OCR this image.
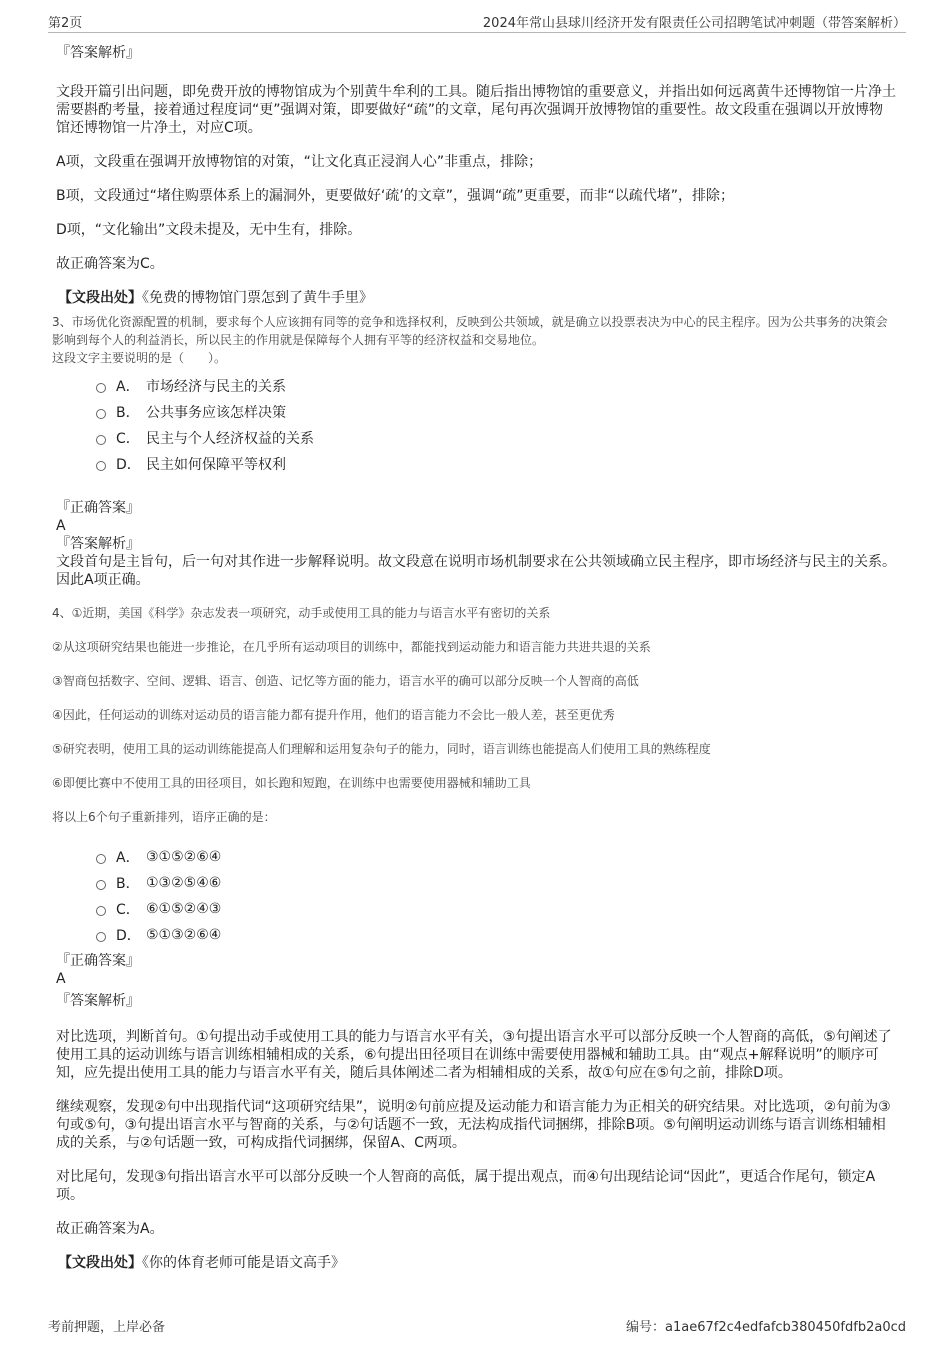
第2页	2024年常山县球川经济开发有限责任公司招聘笔试冲刺题（带答案解析）

『答案解析』

文段开篇引出问题，即免费开放的博物馆成为个别黄牛牟利的工具。随后指出博物馆的重要意义，并指出如何远离黄牛还博物馆一片净土需要斟酌考量，接着通过程度词“更”强调对策，即要做好“疏”的文章，尾句再次强调开放博物馆的重要性。故文段重在强调以开放博物馆还博物馆一片净土，对应C项。

A项，文段重在强调开放博物馆的对策，“让文化真正浸润人心”非重点，排除；

B项，文段通过“堵住购票体系上的漏洞外，更要做好‘疏’的文章”，强调“疏”更重要，而非“以疏代堵”，排除；

D项，“文化输出”文段未提及，无中生有，排除。

故正确答案为C。

【文段出处】《免费的博物馆门票怎到了黄牛手里》

3、市场优化资源配置的机制，要求每个人应该拥有同等的竞争和选择权利，反映到公共领域，就是确立以投票表决为中心的民主程序。因为公共事务的决策会影响到每个人的利益消长，所以民主的作用就是保障每个人拥有平等的经济权益和交易地位。

这段文字主要说明的是（　　）。

A． 市场经济与民主的关系
B． 公共事务应该怎样决策
C． 民主与个人经济权益的关系
D． 民主如何保障平等权利

『正确答案』

A

『答案解析』

文段首句是主旨句，后一句对其作进一步解释说明。故文段意在说明市场机制要求在公共领域确立民主程序，即市场经济与民主的关系。因此A项正确。

4、①近期，美国《科学》杂志发表一项研究，动手或使用工具的能力与语言水平有密切的关系

②从这项研究结果也能进一步推论，在几乎所有运动项目的训练中，都能找到运动能力和语言能力共进共退的关系

③智商包括数字、空间、逻辑、语言、创造、记忆等方面的能力，语言水平的确可以部分反映一个人智商的高低

④因此，任何运动的训练对运动员的语言能力都有提升作用，他们的语言能力不会比一般人差，甚至更优秀

⑤研究表明，使用工具的运动训练能提高人们理解和运用复杂句子的能力，同时，语言训练也能提高人们使用工具的熟练程度

⑥即便比赛中不使用工具的田径项目，如长跑和短跑，在训练中也需要使用器械和辅助工具

将以上6个句子重新排列，语序正确的是：

A． ③①⑤②⑥④
B． ①③②⑤④⑥
C． ⑥①⑤②④③
D． ⑤①③②⑥④

『正确答案』

A

『答案解析』

对比选项，判断首句。①句提出动手或使用工具的能力与语言水平有关，③句提出语言水平可以部分反映一个人智商的高低，⑤句阐述了使用工具的运动训练与语言训练相辅相成的关系，⑥句提出田径项目在训练中需要使用器械和辅助工具。由“观点+解释说明”的顺序可知，应先提出使用工具的能力与语言水平有关，随后具体阐述二者为相辅相成的关系，故①句应在⑤句之前，排除D项。

继续观察，发现②句中出现指代词“这项研究结果”，说明②句前应提及运动能力和语言能力为正相关的研究结果。对比选项，②句前为③句或⑤句，③句提出语言水平与智商的关系，与②句话题不一致，无法构成指代词捆绑，排除B项。⑤句阐明运动训练与语言训练相辅相成的关系，与②句话题一致，可构成指代词捆绑，保留A、C两项。

对比尾句，发现③句指出语言水平可以部分反映一个人智商的高低，属于提出观点，而④句出现结论词“因此”，更适合作尾句，锁定A项。

故正确答案为A。

【文段出处】《你的体育老师可能是语文高手》

考前押题，上岸必备	编号：a1ae67f2c4edfafcb380450fdfb2a0cd
